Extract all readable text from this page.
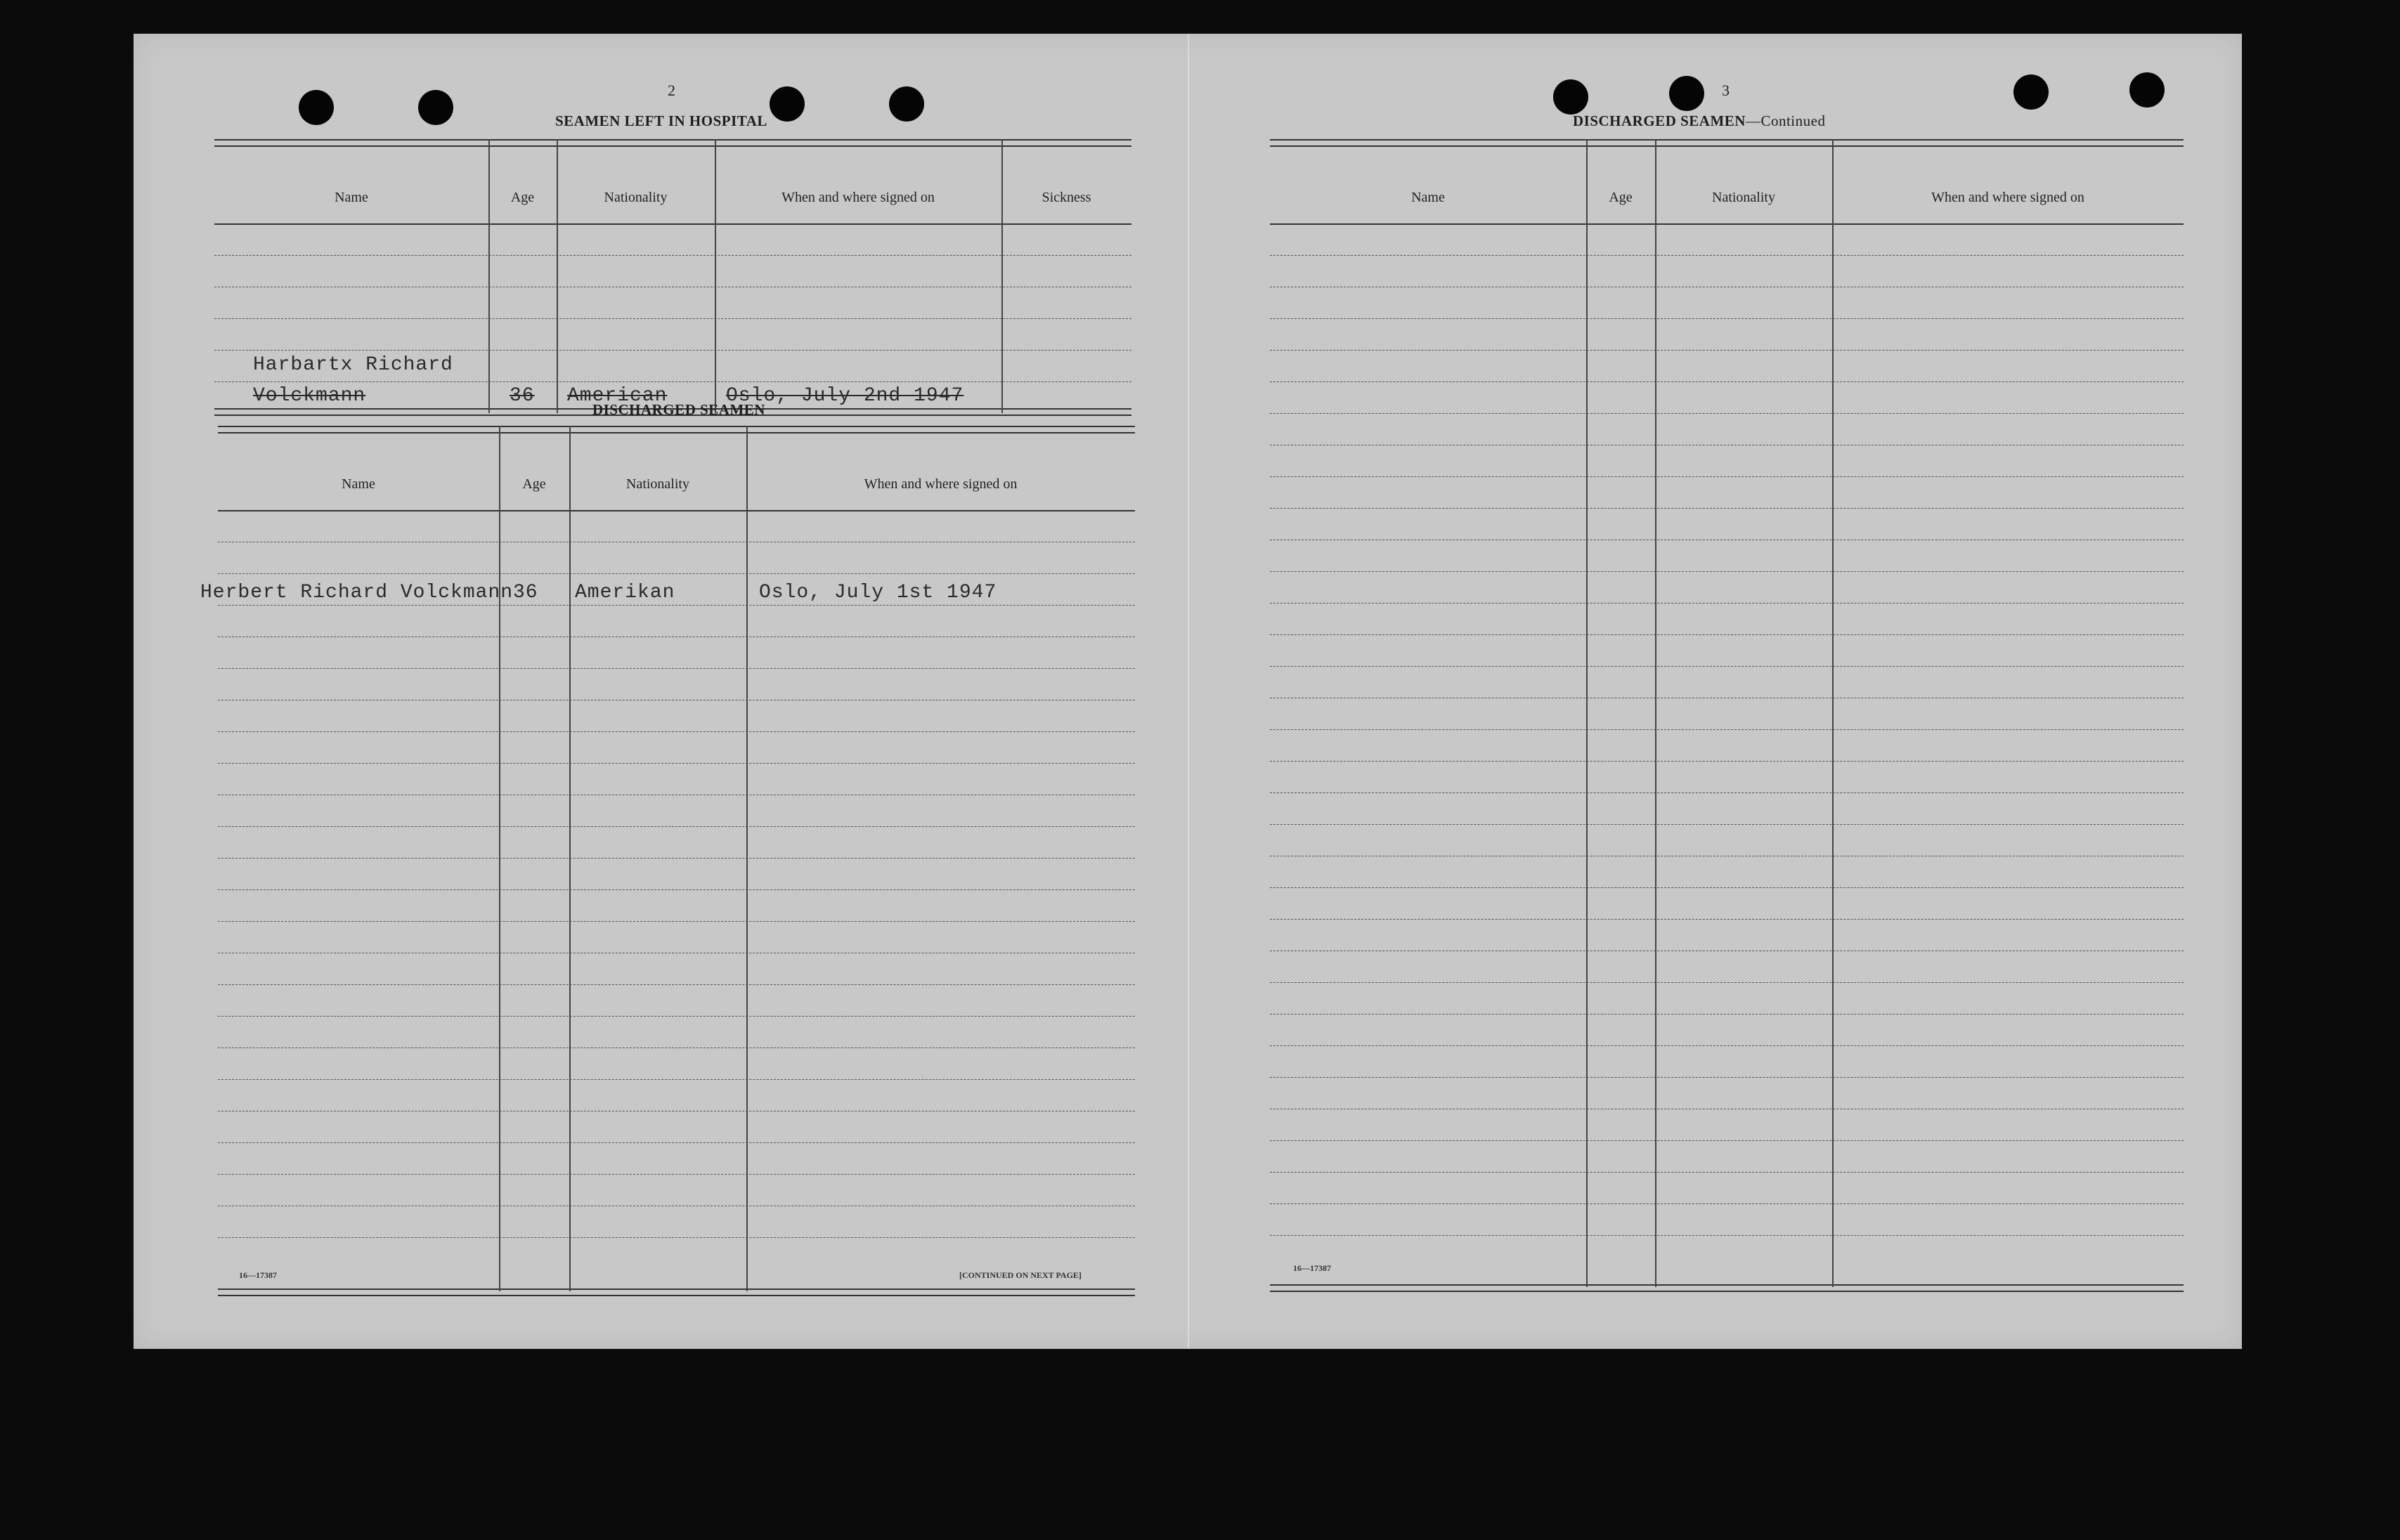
2
SEAMEN LEFT IN HOSPITAL
Name	Age	Nationality	When and where signed on	Sickness
Harbartx Richard
Volckmann	36 American	Oslo, July 2nd 1947
DISCHARGED SEAMEN
Name	Age	Nationality	When and where signed on
Herbert Richard Volckmann 36 Amerikan	Oslo, July 1st 1947
16—17387	[CONTINUED ON NEXT PAGE]
3
DISCHARGED SEAMEN—Continued
Name	Age	Nationality	When and where signed on
16—17387
